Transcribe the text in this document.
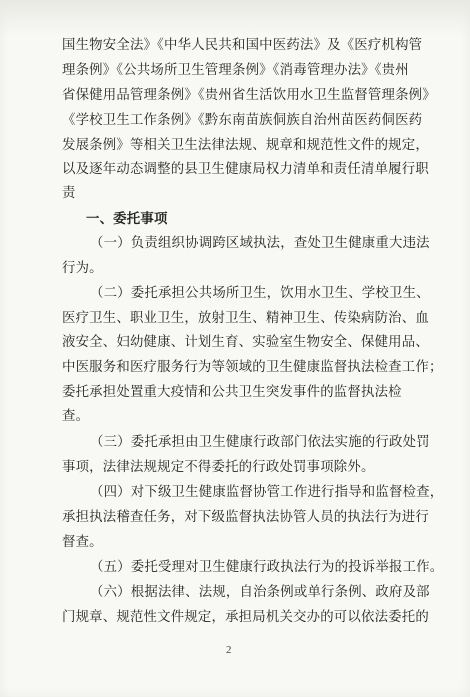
国生物安全法》《中华人民共和国中医药法》及《医疗机构管
理条例》《公共场所卫生管理条例》《消毒管理办法》《贵州
省保健用品管理条例》《贵州省生活饮用水卫生监督管理条例》
《学校卫生工作条例》《黔东南苗族侗族自治州苗医药侗医药
发展条例》等相关卫生法律法规、规章和规范性文件的规定，
以及逐年动态调整的县卫生健康局权力清单和责任清单履行职
责
一、委托事项
（一）负责组织协调跨区域执法，查处卫生健康重大违法
行为。
（二）委托承担公共场所卫生，饮用水卫生、学校卫生、
医疗卫生、职业卫生，放射卫生、精神卫生、传染病防治、血
液安全、妇幼健康、计划生育、实验室生物安全、保健用品、
中医服务和医疗服务行为等领域的卫生健康监督执法检查工作；
委托承担处置重大疫情和公共卫生突发事件的监督执法检
查。
（三）委托承担由卫生健康行政部门依法实施的行政处罚
事项，法律法规规定不得委托的行政处罚事项除外。
（四）对下级卫生健康监督协管工作进行指导和监督检查，
承担执法稽查任务，对下级监督执法协管人员的执法行为进行
督查。
（五）委托受理对卫生健康行政执法行为的投诉举报工作。
（六）根据法律、法规，自治条例或单行条例、政府及部
门规章、规范性文件规定，承担局机关交办的可以依法委托的
2
